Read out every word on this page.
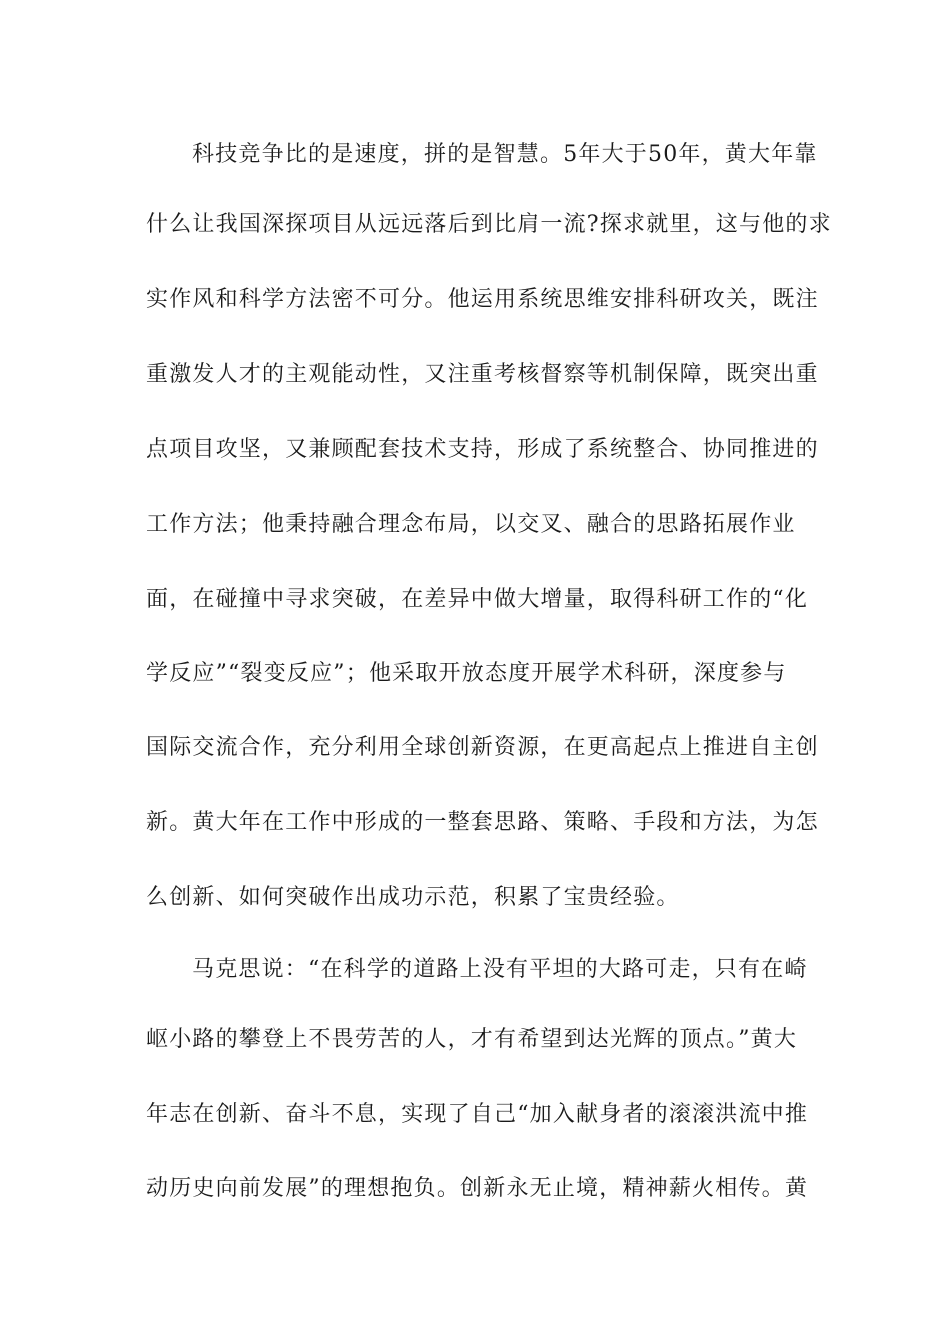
科技竞争比的是速度，拼的是智慧。5年大于50年，黄大年靠
什么让我国深探项目从远远落后到比肩一流?探求就里，这与他的求
实作风和科学方法密不可分。他运用系统思维安排科研攻关，既注
重激发人才的主观能动性，又注重考核督察等机制保障，既突出重
点项目攻坚，又兼顾配套技术支持，形成了系统整合、协同推进的
工作方法；他秉持融合理念布局，以交叉、融合的思路拓展作业
面，在碰撞中寻求突破，在差异中做大增量，取得科研工作的“化
学反应”“裂变反应”；他采取开放态度开展学术科研，深度参与
国际交流合作，充分利用全球创新资源，在更高起点上推进自主创
新。黄大年在工作中形成的一整套思路、策略、手段和方法，为怎
么创新、如何突破作出成功示范，积累了宝贵经验。
马克思说：“在科学的道路上没有平坦的大路可走，只有在崎
岖小路的攀登上不畏劳苦的人，才有希望到达光辉的顶点。”黄大
年志在创新、奋斗不息，实现了自己“加入献身者的滚滚洪流中推
动历史向前发展”的理想抱负。创新永无止境，精神薪火相传。黄
